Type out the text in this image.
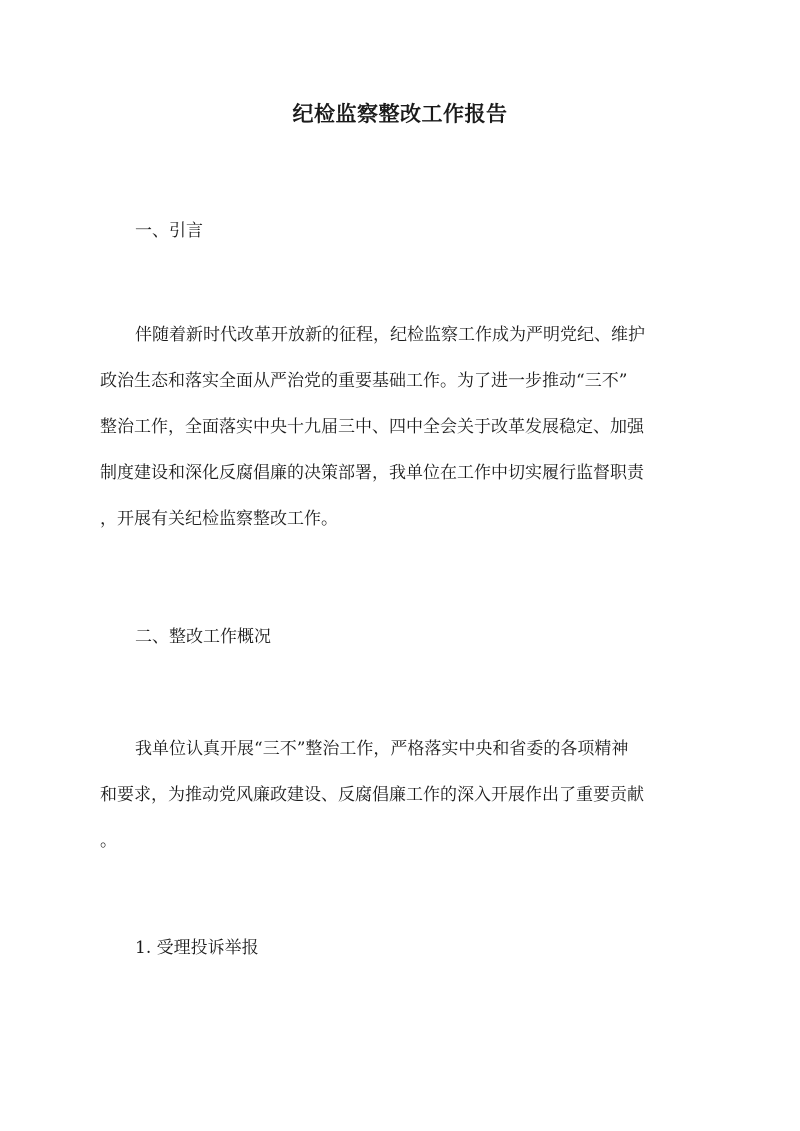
纪检监察整改工作报告
一、引言
伴随着新时代改革开放新的征程，纪检监察工作成为严明党纪、维护
政治生态和落实全面从严治党的重要基础工作。为了进一步推动“三不”
整治工作，全面落实中央十九届三中、四中全会关于改革发展稳定、加强
制度建设和深化反腐倡廉的决策部署，我单位在工作中切实履行监督职责
，开展有关纪检监察整改工作。
二、整改工作概况
我单位认真开展“三不”整治工作，严格落实中央和省委的各项精神
和要求，为推动党风廉政建设、反腐倡廉工作的深入开展作出了重要贡献
。
1. 受理投诉举报
